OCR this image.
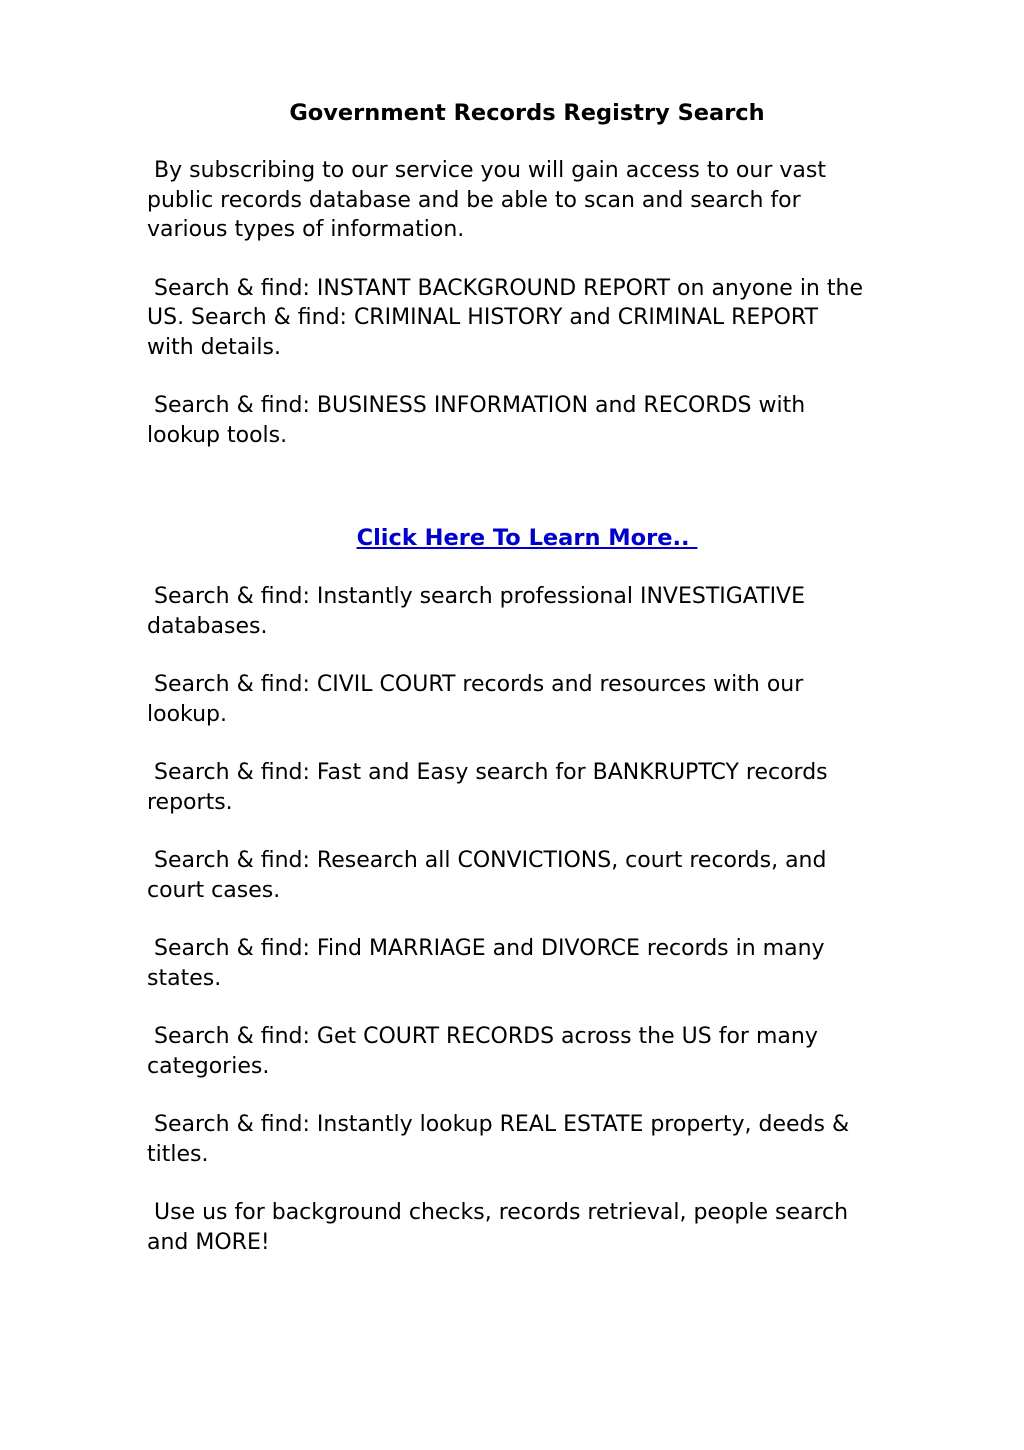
Government Records Registry Search
By subscribing to our service you will gain access to our vast
public records database and be able to scan and search for
various types of information.
Search & find: INSTANT BACKGROUND REPORT on anyone in the
US. Search & find: CRIMINAL HISTORY and CRIMINAL REPORT
with details.
Search & find: BUSINESS INFORMATION and RECORDS with
lookup tools.
Click Here To Learn More..
Search & find: Instantly search professional INVESTIGATIVE
databases.
Search & find: CIVIL COURT records and resources with our
lookup.
Search & find: Fast and Easy search for BANKRUPTCY records
reports.
Search & find: Research all CONVICTIONS, court records, and
court cases.
Search & find: Find MARRIAGE and DIVORCE records in many
states.
Search & find: Get COURT RECORDS across the US for many
categories.
Search & find: Instantly lookup REAL ESTATE property, deeds &
titles.
Use us for background checks, records retrieval, people search
and MORE!
